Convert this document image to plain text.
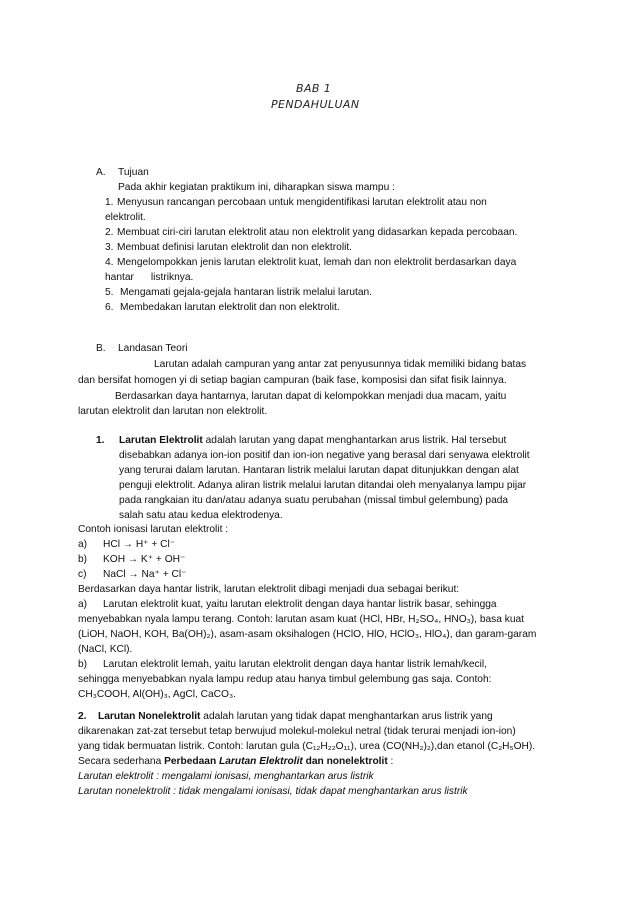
BAB 1
PENDAHULUAN
A. Tujuan
Pada akhir kegiatan praktikum ini, diharapkan siswa mampu :
1. Menyusun rancangan percobaan untuk mengidentifikasi larutan elektrolit atau non
elektrolit.
2. Membuat ciri-ciri larutan elektrolit atau non elektrolit yang didasarkan kepada percobaan.
3. Membuat definisi larutan elektrolit dan non elektrolit.
4. Mengelompokkan jenis larutan elektrolit kuat, lemah dan non elektrolit berdasarkan daya
hantar      listriknya.
5. Mengamati gejala-gejala hantaran listrik melalui larutan.
6. Membedakan larutan elektrolit dan non elektrolit.
B. Landasan Teori
Larutan adalah campuran yang antar zat penyusunnya tidak memiliki bidang batas
dan bersifat homogen yi di setiap bagian campuran (baik fase, komposisi dan sifat fisik lainnya.
Berdasarkan daya hantarnya, larutan dapat di kelompokkan menjadi dua macam, yaitu
larutan elektrolit dan larutan non elektrolit.
1. Larutan Elektrolit adalah larutan yang dapat menghantarkan arus listrik. Hal tersebut
disebabkan adanya ion-ion positif dan ion-ion negative yang berasal dari senyawa elektrolit
yang terurai dalam larutan. Hantaran listrik melalui larutan dapat ditunjukkan dengan alat
penguji elektrolit. Adanya aliran listrik melalui larutan ditandai oleh menyalanya lampu pijar
pada rangkaian itu dan/atau adanya suatu perubahan (missal timbul gelembung) pada
salah satu atau kedua elektrodenya.
Contoh ionisasi larutan elektrolit :
a) HCl → H⁺ + Cl⁻
b) KOH → K⁺ + OH⁻
c) NaCl → Na⁺ + Cl⁻
Berdasarkan daya hantar listrik, larutan elektrolit dibagi menjadi dua sebagai berikut:
a) Larutan elektrolit kuat, yaitu larutan elektrolit dengan daya hantar listrik basar, sehingga
menyebabkan nyala lampu terang. Contoh: larutan asam kuat (HCl, HBr, H₂SO₄, HNO₃), basa kuat
(LiOH, NaOH, KOH, Ba(OH)₂), asam-asam oksihalogen (HClO, HlO, HClO₃, HlO₄), dan garam-garam
(NaCl, KCl).
b) Larutan elektrolit lemah, yaitu larutan elektrolit dengan daya hantar listrik lemah/kecil,
sehingga menyebabkan nyala lampu redup atau hanya timbul gelembung gas saja. Contoh:
CH₃COOH, Al(OH)₃, AgCl, CaCO₃.
2. Larutan Nonelektrolit adalah larutan yang tidak dapat menghantarkan arus listrik yang
dikarenakan zat-zat tersebut tetap berwujud molekul-molekul netral (tidak terurai menjadi ion-ion)
yang tidak bermuatan listrik. Contoh: larutan gula (C₁₂H₂₂O₁₁), urea (CO(NH₂)₂),dan etanol (C₂H₅OH).
Secara sederhana Perbedaan Larutan Elektrolit dan nonelektrolit :
Larutan elektrolit : mengalami ionisasi, menghantarkan arus listrik
Larutan nonelektrolit : tidak mengalami ionisasi, tidak dapat menghantarkan arus listrik
